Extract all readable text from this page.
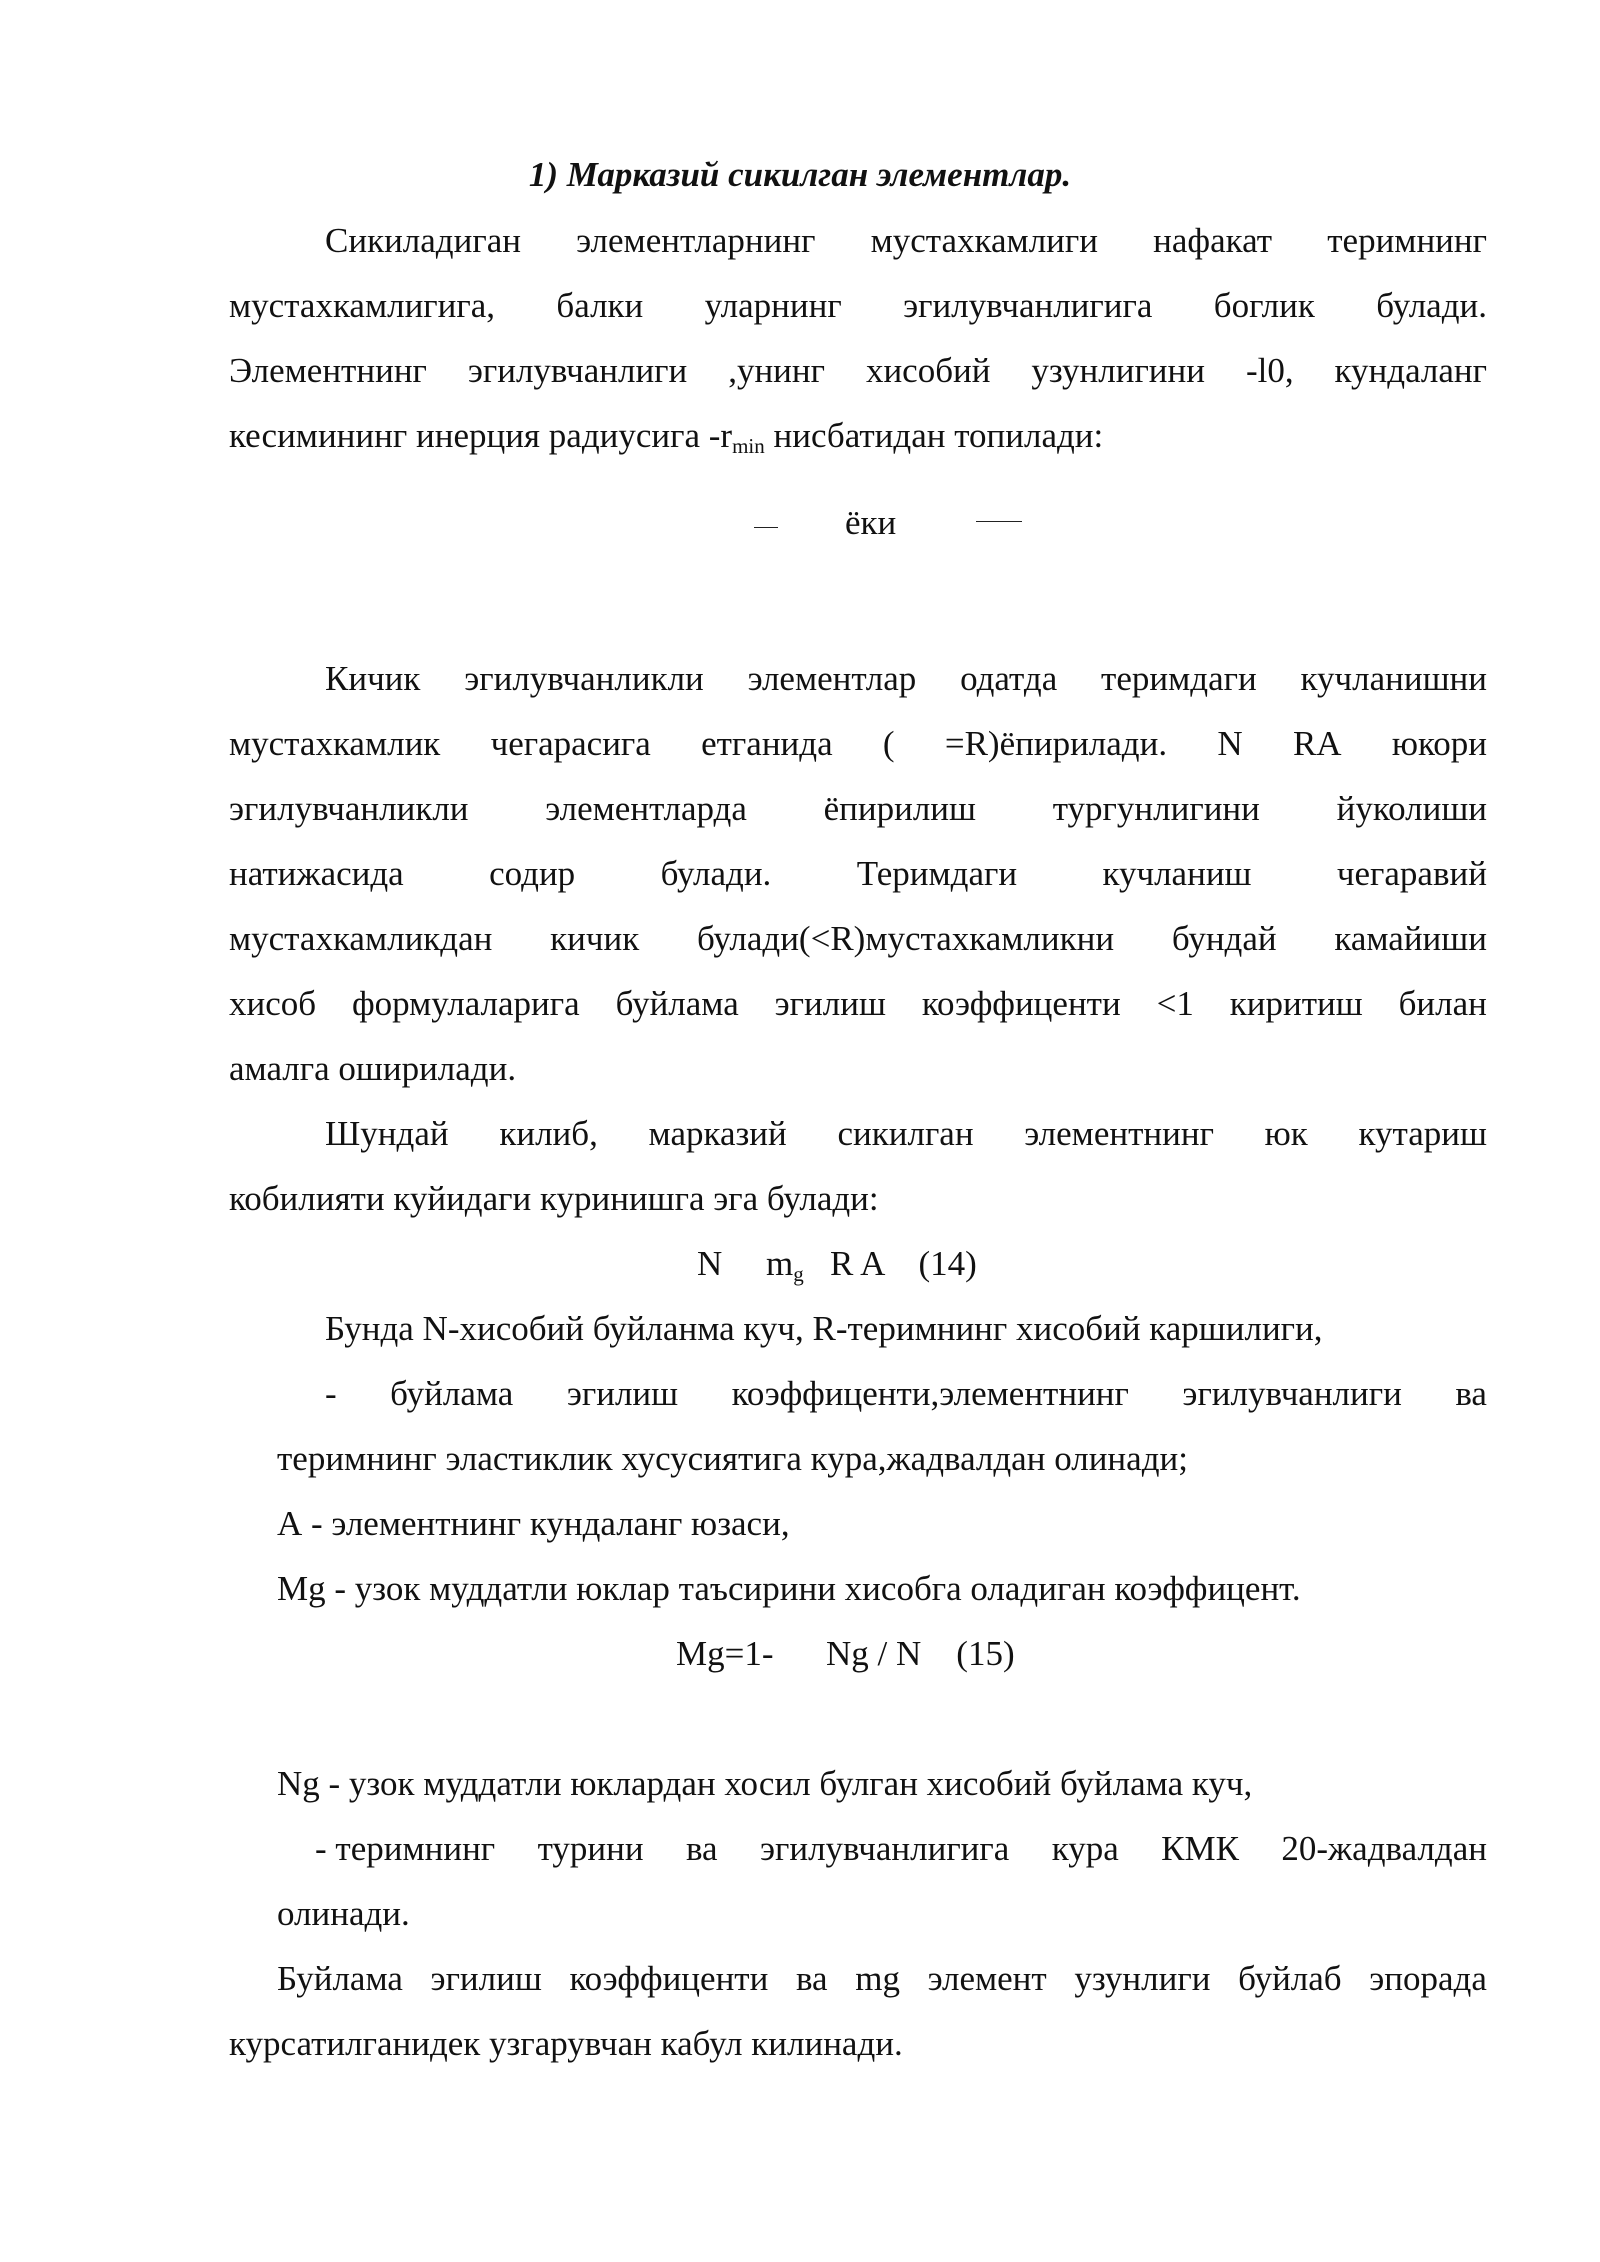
1) Марказий сикилган элементлар.
Сикиладиган элементларнинг мустахкамлиги нафакат теримнинг
мустахкамлигига, балки уларнинг эгилувчанлигига боглик булади.
Элементнинг эгилувчанлиги ,унинг хисобий узунлигини -l0, кундаланг
кесимининг инерция радиусига $-r_{min}$ нисбатидан топилади:
ёки
Кичик эгилувчанликли элементлар одатда теримдаги кучланишни
мустахкамлик чегарасига етганида ( =R)ёпирилади. N RA юкори
эгилувчанликли элементларда ёпирилиш тургунлигини йуколиши
натижасида содир булади. Теримдаги кучланиш чегаравий
мустахкамликдан кичик булади(<R)мустахкамликни бундай камайиши
хисоб формулаларига буйлама эгилиш коэффиценти <1 киритиш билан
амалга оширилади.
Шундай килиб, марказий сикилган элементнинг юк кутариш
кобилияти куйидаги куринишга эга булади:
N     $m_g$   R A    (14)
Бунда N-хисобий буйланма куч, R-теримнинг хисобий каршилиги,
- буйлама эгилиш коэффиценти,элементнинг эгилувчанлиги ва
теримнинг эластиклик хусусиятига кура,жадвалдан олинади;
А - элементнинг кундаланг юзаси,
Mg - узок муддатли юклар таъсирини хисобга оладиган коэффицент.
Mg=1-      Ng / N    (15)
Ng - узок муддатли юклардан хосил булган хисобий буйлама куч,
- теримнинг турини ва эгилувчанлигига кура КМК 20-жадвалдан
олинади.
Буйлама эгилиш коэффиценти ва mg элемент узунлиги буйлаб эпорада
курсатилганидек узгарувчан кабул килинади.
